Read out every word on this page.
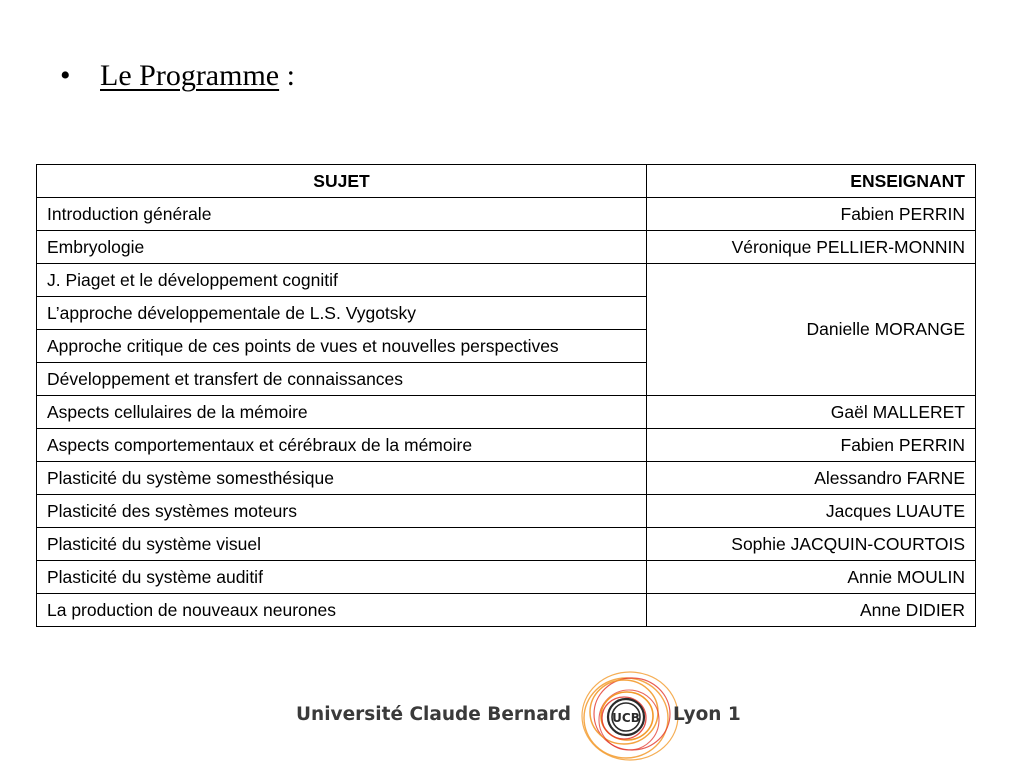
• Le Programme :
SUJET	ENSEIGNANT
Introduction générale	Fabien PERRIN
Embryologie	Véronique PELLIER-MONNIN
J. Piaget et le développement cognitif	Danielle MORANGE
L’approche développementale de L.S. Vygotsky	
Approche critique de ces points de vues et nouvelles perspectives	
Développement et transfert de connaissances	
Aspects cellulaires de la mémoire	Gaël MALLERET
Aspects comportementaux et cérébraux de la mémoire	Fabien PERRIN
Plasticité du système somesthésique	Alessandro FARNE
Plasticité des systèmes moteurs	Jacques LUAUTE
Plasticité du système visuel	Sophie JACQUIN-COURTOIS
Plasticité du système auditif	Annie MOULIN
La production de nouveaux neurones	Anne DIDIER
Université Claude Bernard	UCB Lyon 1
